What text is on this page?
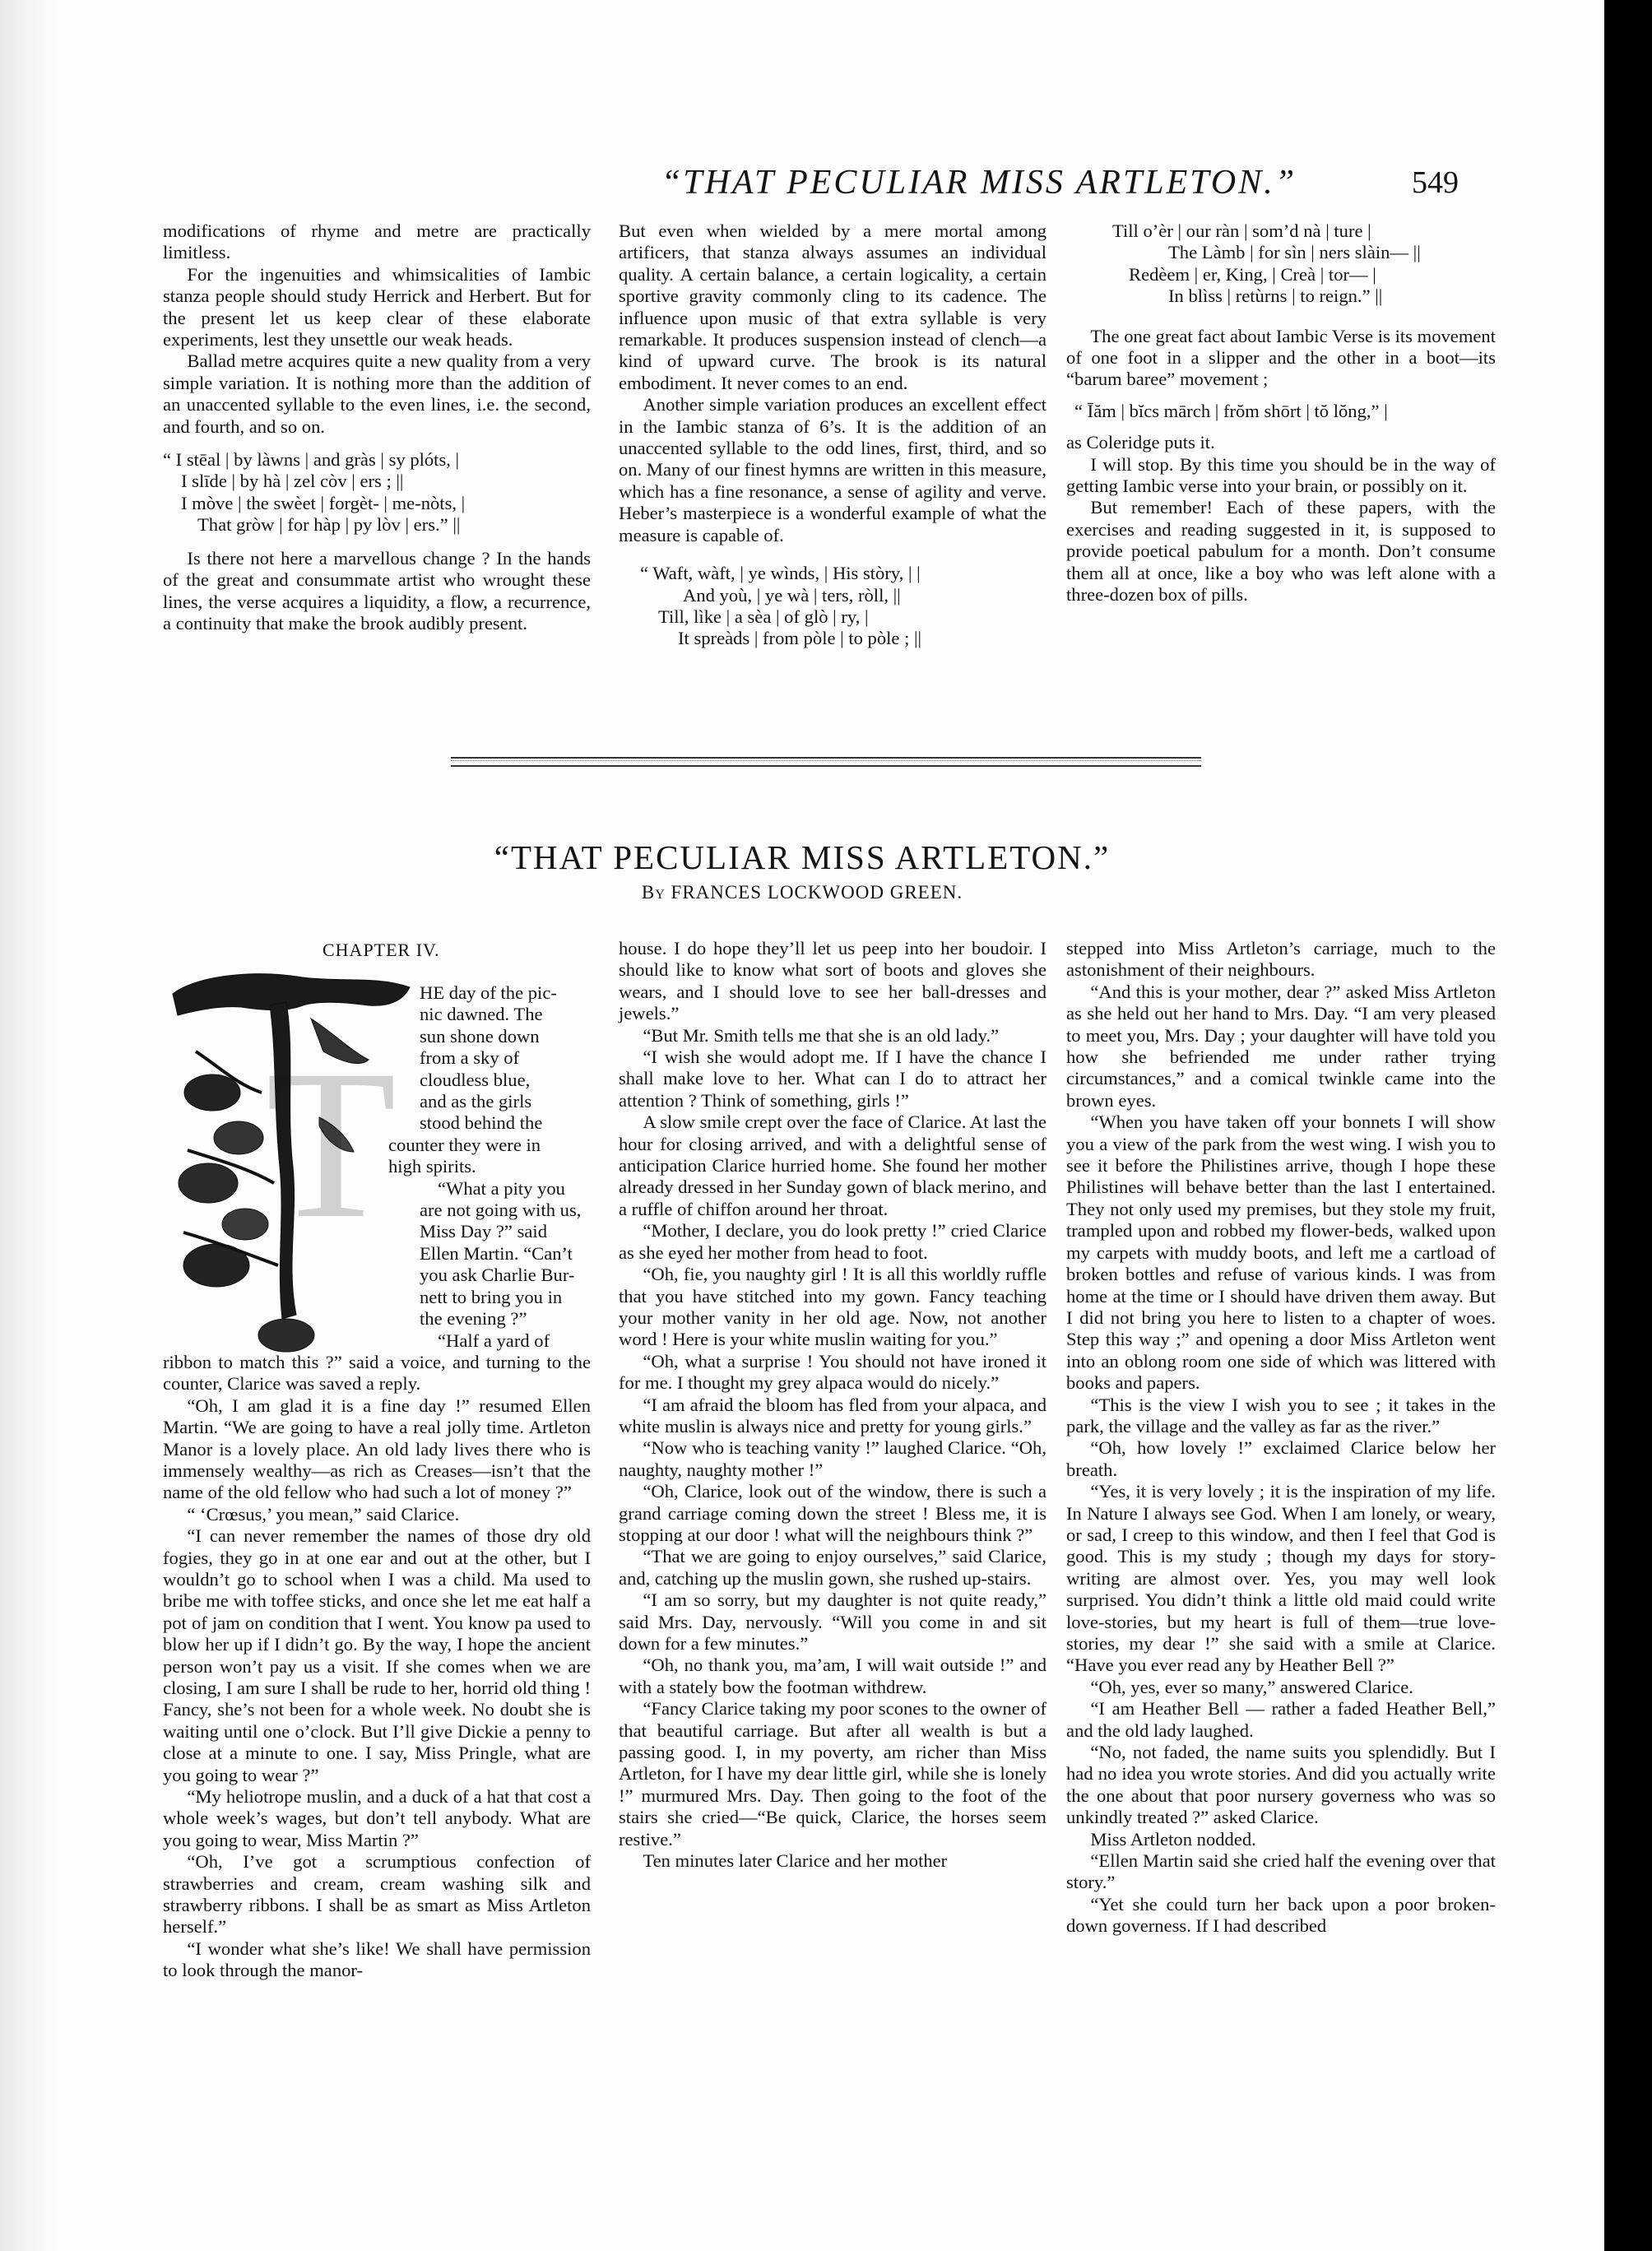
“THAT PECULIAR MISS ARTLETON.”	549

modifications of rhyme and metre are practically limitless.

For the ingenuities and whimsicalities of Iambic stanza people should study Herrick and Herbert. But for the present let us keep clear of these elaborate experiments, lest they unsettle our weak heads.

Ballad metre acquires quite a new quality from a very simple variation. It is nothing more than the addition of an unaccented syllable to the even lines, i.e. the second, and fourth, and so on.

“ I stēal | by làwns | and gràs | sy plóts, |
I slīde | by hà | zel còv | ers ; ||
I mòve | the swèet | forgèt- | me-nòts, |
That gròw | for hàp | py lòv | ers.” ||

Is there not here a marvellous change ? In the hands of the great and consummate artist who wrought these lines, the verse acquires a liquidity, a flow, a recurrence, a continuity that make the brook audibly present.

But even when wielded by a mere mortal among artificers, that stanza always assumes an individual quality. A certain balance, a certain logicality, a certain sportive gravity commonly cling to its cadence. The influence upon music of that extra syllable is very remarkable. It produces suspension instead of clench—a kind of upward curve. The brook is its natural embodiment. It never comes to an end.

Another simple variation produces an excellent effect in the Iambic stanza of 6’s. It is the addition of an unaccented syllable to the odd lines, first, third, and so on. Many of our finest hymns are written in this measure, which has a fine resonance, a sense of agility and verve. Heber’s masterpiece is a wonderful example of what the measure is capable of.

“ Waft, wàft, | ye wìnds, | His stòry, | |
And yoù, | ye wà | ters, ròll, ||
Till, lìke | a sèa | of glò | ry, |
It spreàds | from pòle | to pòle ; ||
Till o’èr | our ràn | som’d nà | ture |
The Làmb | for sìn | ners slàin— ||
Redèem | er, King, | Creà | tor— |
In blìss | retùrns | to reign.” ||

The one great fact about Iambic Verse is its movement of one foot in a slipper and the other in a boot—its “barum baree” movement ;

“ Īăm | bĭcs mārch | frŏm shōrt | tŏ lŏng,” |

as Coleridge puts it.

I will stop. By this time you should be in the way of getting Iambic verse into your brain, or possibly on it.

But remember! Each of these papers, with the exercises and reading suggested in it, is supposed to provide poetical pabulum for a month. Don’t consume them all at once, like a boy who was left alone with a three-dozen box of pills.

“THAT PECULIAR MISS ARTLETON.”
By FRANCES LOCKWOOD GREEN.
CHAPTER IV.
T
HE day of the pic-
nic dawned. The
sun shone down
from a sky of
cloudless blue,
and as the girls
stood behind the
counter they were in
high spirits.
“What a pity you
are not going with us,
Miss Day ?” said
Ellen Martin. “Can’t
you ask Charlie Bur-
nett to bring you in
the evening ?”
“Half a yard of

ribbon to match this ?” said a voice, and turning to the counter, Clarice was saved a reply.

“Oh, I am glad it is a fine day !” resumed Ellen Martin. “We are going to have a real jolly time. Artleton Manor is a lovely place. An old lady lives there who is immensely wealthy—as rich as Creases—isn’t that the name of the old fellow who had such a lot of money ?”

“ ‘Crœsus,’ you mean,” said Clarice.

“I can never remember the names of those dry old fogies, they go in at one ear and out at the other, but I wouldn’t go to school when I was a child. Ma used to bribe me with toffee sticks, and once she let me eat half a pot of jam on condition that I went. You know pa used to blow her up if I didn’t go. By the way, I hope the ancient person won’t pay us a visit. If she comes when we are closing, I am sure I shall be rude to her, horrid old thing ! Fancy, she’s not been for a whole week. No doubt she is waiting until one o’clock. But I’ll give Dickie a penny to close at a minute to one. I say, Miss Pringle, what are you going to wear ?”

“My heliotrope muslin, and a duck of a hat that cost a whole week’s wages, but don’t tell anybody. What are you going to wear, Miss Martin ?”

“Oh, I’ve got a scrumptious confection of strawberries and cream, cream washing silk and strawberry ribbons. I shall be as smart as Miss Artleton herself.”

“I wonder what she’s like! We shall have permission to look through the manor-

house. I do hope they’ll let us peep into her boudoir. I should like to know what sort of boots and gloves she wears, and I should love to see her ball-dresses and jewels.”

“But Mr. Smith tells me that she is an old lady.”

“I wish she would adopt me. If I have the chance I shall make love to her. What can I do to attract her attention ? Think of something, girls !”

A slow smile crept over the face of Clarice. At last the hour for closing arrived, and with a delightful sense of anticipation Clarice hurried home. She found her mother already dressed in her Sunday gown of black merino, and a ruffle of chiffon around her throat.

“Mother, I declare, you do look pretty !” cried Clarice as she eyed her mother from head to foot.

“Oh, fie, you naughty girl ! It is all this worldly ruffle that you have stitched into my gown. Fancy teaching your mother vanity in her old age. Now, not another word ! Here is your white muslin waiting for you.”

“Oh, what a surprise ! You should not have ironed it for me. I thought my grey alpaca would do nicely.”

“I am afraid the bloom has fled from your alpaca, and white muslin is always nice and pretty for young girls.”

“Now who is teaching vanity !” laughed Clarice. “Oh, naughty, naughty mother !”

“Oh, Clarice, look out of the window, there is such a grand carriage coming down the street ! Bless me, it is stopping at our door ! what will the neighbours think ?”

“That we are going to enjoy ourselves,” said Clarice, and, catching up the muslin gown, she rushed up-stairs.

“I am so sorry, but my daughter is not quite ready,” said Mrs. Day, nervously. “Will you come in and sit down for a few minutes.”

“Oh, no thank you, ma’am, I will wait outside !” and with a stately bow the footman withdrew.

“Fancy Clarice taking my poor scones to the owner of that beautiful carriage. But after all wealth is but a passing good. I, in my poverty, am richer than Miss Artleton, for I have my dear little girl, while she is lonely !” murmured Mrs. Day. Then going to the foot of the stairs she cried—“Be quick, Clarice, the horses seem restive.”

Ten minutes later Clarice and her mother

stepped into Miss Artleton’s carriage, much to the astonishment of their neighbours.

“And this is your mother, dear ?” asked Miss Artleton as she held out her hand to Mrs. Day. “I am very pleased to meet you, Mrs. Day ; your daughter will have told you how she befriended me under rather trying circumstances,” and a comical twinkle came into the brown eyes.

“When you have taken off your bonnets I will show you a view of the park from the west wing. I wish you to see it before the Philistines arrive, though I hope these Philistines will behave better than the last I entertained. They not only used my premises, but they stole my fruit, trampled upon and robbed my flower-beds, walked upon my carpets with muddy boots, and left me a cartload of broken bottles and refuse of various kinds. I was from home at the time or I should have driven them away. But I did not bring you here to listen to a chapter of woes. Step this way ;” and opening a door Miss Artleton went into an oblong room one side of which was littered with books and papers.

“This is the view I wish you to see ; it takes in the park, the village and the valley as far as the river.”

“Oh, how lovely !” exclaimed Clarice below her breath.

“Yes, it is very lovely ; it is the inspiration of my life. In Nature I always see God. When I am lonely, or weary, or sad, I creep to this window, and then I feel that God is good. This is my study ; though my days for story-writing are almost over. Yes, you may well look surprised. You didn’t think a little old maid could write love-stories, but my heart is full of them—true love-stories, my dear !” she said with a smile at Clarice. “Have you ever read any by Heather Bell ?”

“Oh, yes, ever so many,” answered Clarice.

“I am Heather Bell — rather a faded Heather Bell,” and the old lady laughed.

“No, not faded, the name suits you splendidly. But I had no idea you wrote stories. And did you actually write the one about that poor nursery governess who was so unkindly treated ?” asked Clarice.

Miss Artleton nodded.

“Ellen Martin said she cried half the evening over that story.”

“Yet she could turn her back upon a poor broken-down governess. If I had described
